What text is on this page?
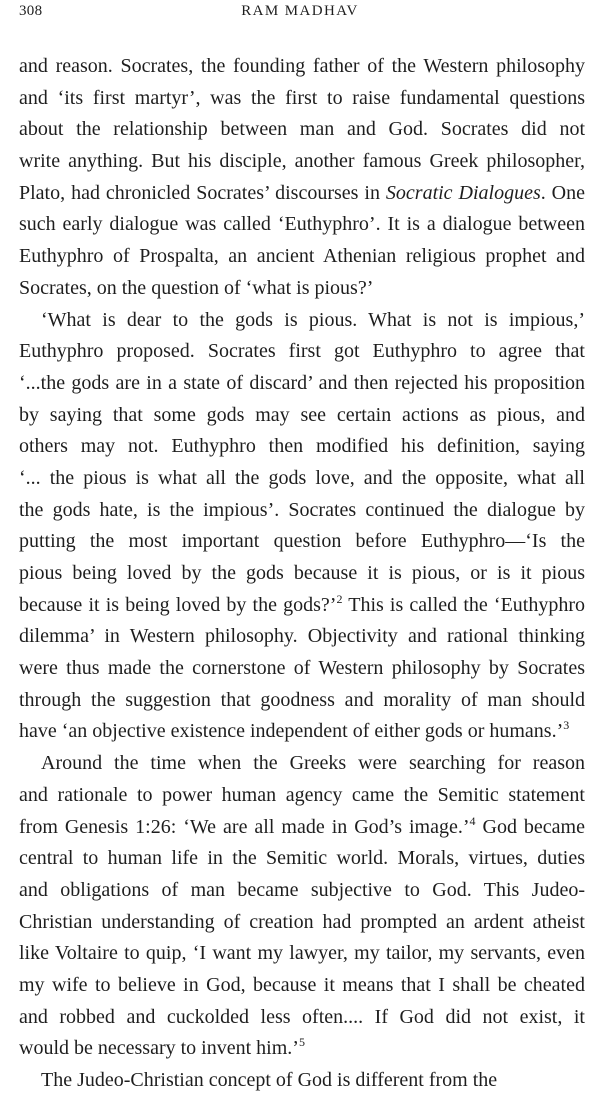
308	RAM MADHAV
and reason. Socrates, the founding father of the Western philosophy
and ‘its first martyr’, was the first to raise fundamental questions
about the relationship between man and God. Socrates did not
write anything. But his disciple, another famous Greek philosopher,
Plato, had chronicled Socrates’ discourses in Socratic Dialogues. One
such early dialogue was called ‘Euthyphro’. It is a dialogue between
Euthyphro of Prospalta, an ancient Athenian religious prophet and
Socrates, on the question of ‘what is pious?’
‘What is dear to the gods is pious. What is not is impious,’
Euthyphro proposed. Socrates first got Euthyphro to agree that
‘...the gods are in a state of discard’ and then rejected his proposition
by saying that some gods may see certain actions as pious, and
others may not. Euthyphro then modified his definition, saying
‘... the pious is what all the gods love, and the opposite, what all
the gods hate, is the impious’. Socrates continued the dialogue by
putting the most important question before Euthyphro—‘Is the
pious being loved by the gods because it is pious, or is it pious
because it is being loved by the gods?’$^2$ This is called the ‘Euthyphro
dilemma’ in Western philosophy. Objectivity and rational thinking
were thus made the cornerstone of Western philosophy by Socrates
through the suggestion that goodness and morality of man should
have ‘an objective existence independent of either gods or humans.’$^3$
Around the time when the Greeks were searching for reason
and rationale to power human agency came the Semitic statement
from Genesis 1:26: ‘We are all made in God’s image.’$^4$ God became
central to human life in the Semitic world. Morals, virtues, duties
and obligations of man became subjective to God. This Judeo-
Christian understanding of creation had prompted an ardent atheist
like Voltaire to quip, ‘I want my lawyer, my tailor, my servants, even
my wife to believe in God, because it means that I shall be cheated
and robbed and cuckolded less often.... If God did not exist, it
would be necessary to invent him.’$^5$
The Judeo-Christian concept of God is different from the
